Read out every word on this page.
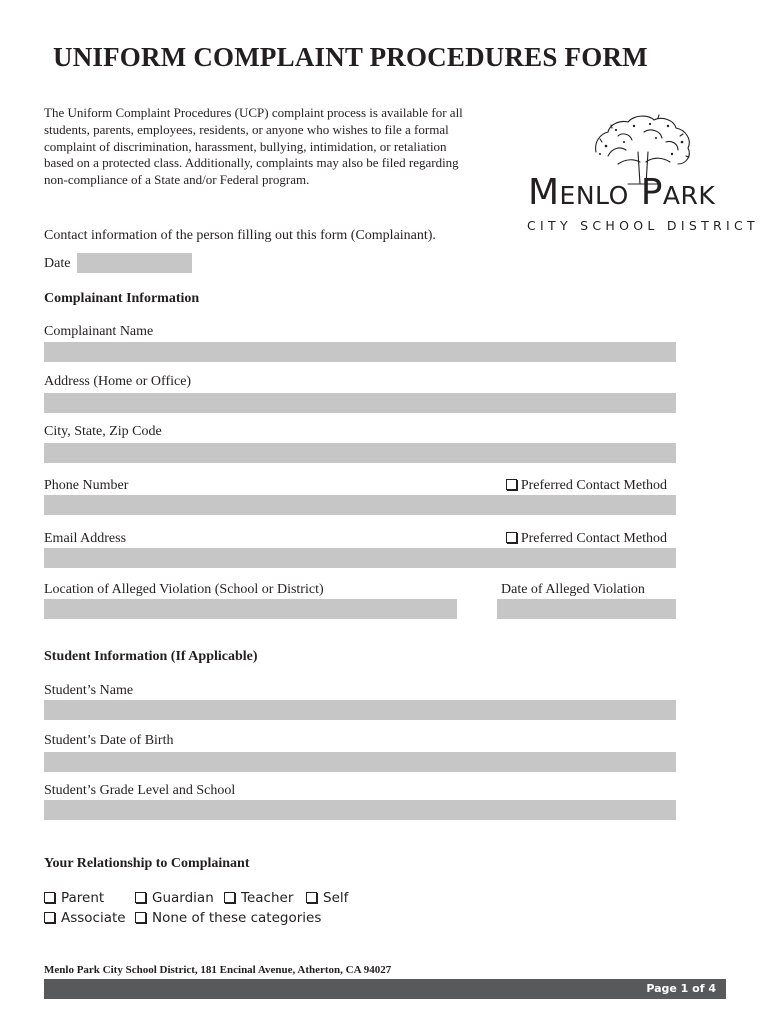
UNIFORM COMPLAINT PROCEDURES FORM
The Uniform Complaint Procedures (UCP) complaint process is available for all
students, parents, employees, residents, or anyone who wishes to file a formal
complaint of discrimination, harassment, bullying, intimidation, or retaliation
based on a protected class. Additionally, complaints may also be filed regarding
non-compliance of a State and/or Federal program.	Menlo Park
CITY SCHOOL DISTRICT
Contact information of the person filling out this form (Complainant).
Date
Complainant Information
Complainant Name
Address (Home or Office)
City, State, Zip Code
Phone Number	Preferred Contact Method
Email Address	Preferred Contact Method
Location of Alleged Violation (School or District)	Date of Alleged Violation
Student Information (If Applicable)
Student’s Name
Student’s Date of Birth
Student’s Grade Level and School
Your Relationship to Complainant
Parent	Guardian	Teacher	Self
Associate	None of these categories
Menlo Park City School District, 181 Encinal Avenue, Atherton, CA 94027
Page 1 of 4
